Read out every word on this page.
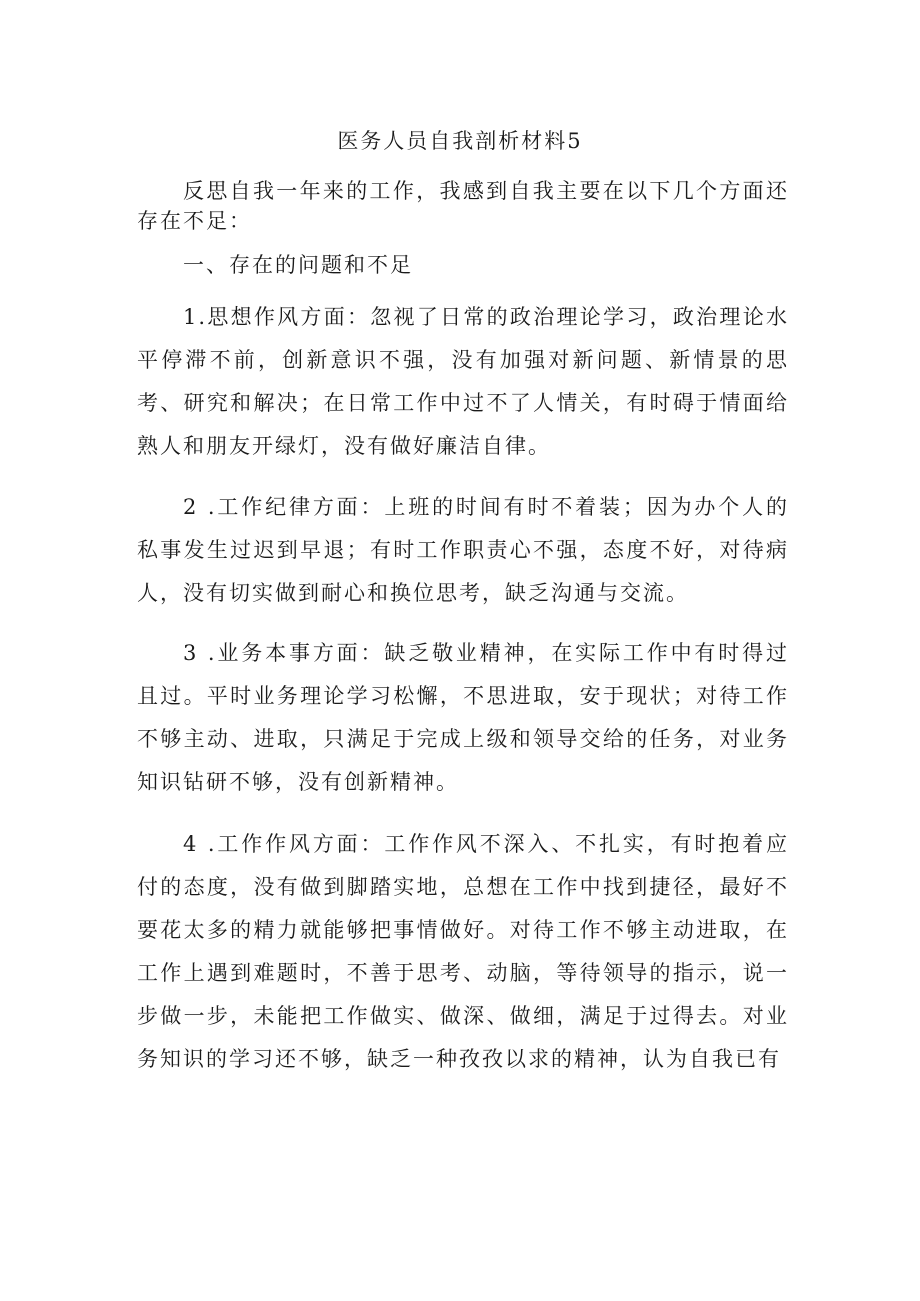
医务人员自我剖析材料5

反思自我一年来的工作，我感到自我主要在以下几个方面还存在不足：

一、存在的问题和不足

1.思想作风方面：忽视了日常的政治理论学习，政治理论水平停滞不前，创新意识不强，没有加强对新问题、新情景的思考、研究和解决；在日常工作中过不了人情关，有时碍于情面给熟人和朋友开绿灯，没有做好廉洁自律。

2 .工作纪律方面：上班的时间有时不着装；因为办个人的私事发生过迟到早退；有时工作职责心不强，态度不好，对待病人，没有切实做到耐心和换位思考，缺乏沟通与交流。

3 .业务本事方面：缺乏敬业精神，在实际工作中有时得过且过。平时业务理论学习松懈，不思进取，安于现状；对待工作不够主动、进取，只满足于完成上级和领导交给的任务，对业务知识钻研不够，没有创新精神。

4 .工作作风方面：工作作风不深入、不扎实，有时抱着应付的态度，没有做到脚踏实地，总想在工作中找到捷径，最好不要花太多的精力就能够把事情做好。对待工作不够主动进取，在工作上遇到难题时，不善于思考、动脑，等待领导的指示，说一步做一步，未能把工作做实、做深、做细，满足于过得去。对业务知识的学习还不够，缺乏一种孜孜以求的精神，认为自我已有
